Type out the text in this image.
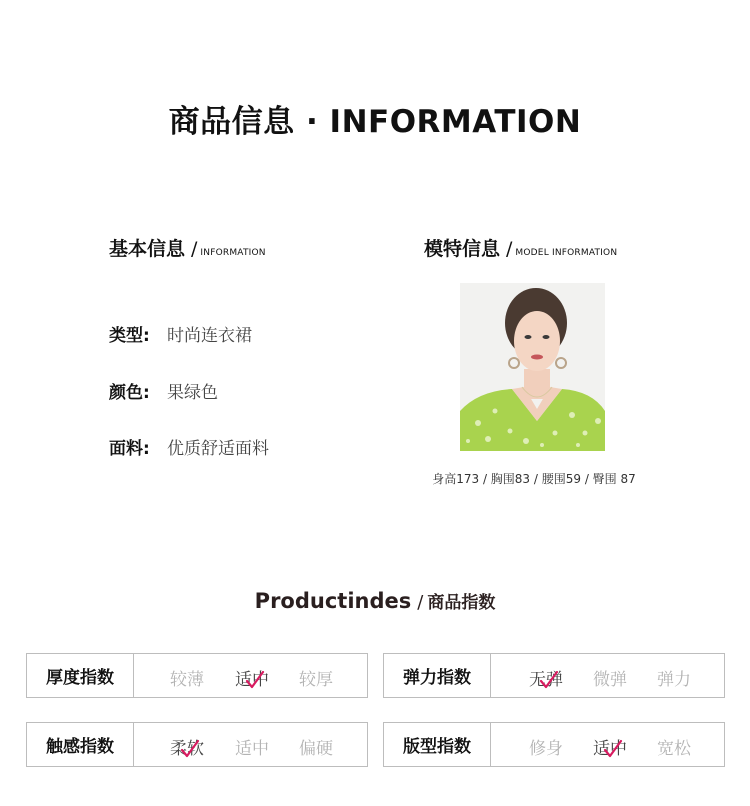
商品信息 · INFORMATION
基本信息 / INFORMATION
类型: 时尚连衣裙
颜色: 果绿色
面料: 优质舒适面料
模特信息 / MODEL INFORMATION
身高173 / 胸围83 / 腰围59 / 臀围 87
Productindes / 商品指数
厚度指数	较薄	适中	较厚	弹力指数	无弹	微弹	弹力
触感指数	柔软	适中	偏硬	版型指数	修身	适中	宽松
